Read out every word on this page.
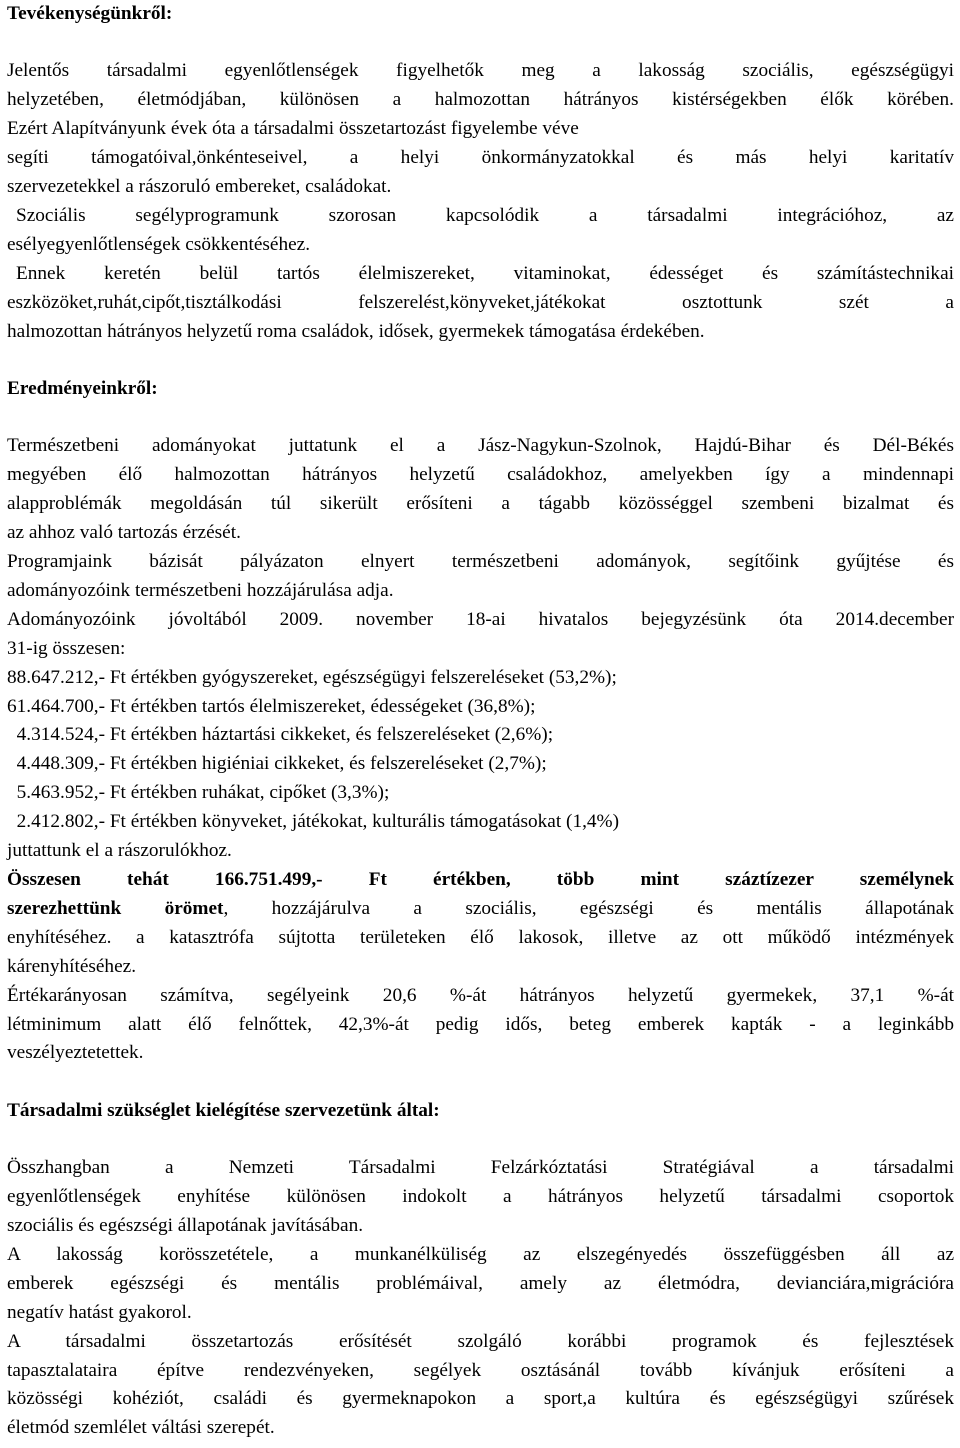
Tevékenységünkről:

Jelentős társadalmi egyenlőtlenségek figyelhetők meg a lakosság szociális, egészségügyi
helyzetében, életmódjában, különösen a halmozottan hátrányos kistérségekben élők körében.
Ezért Alapítványunk évek óta a társadalmi összetartozást figyelembe véve
segíti támogatóival,önkénteseivel, a helyi önkormányzatokkal és más helyi karitatív
szervezetekkel a rászoruló embereket, családokat.
Szociális segélyprogramunk szorosan kapcsolódik a társadalmi integrációhoz, az
esélyegyenlőtlenségek csökkentéséhez.
Ennek keretén belül tartós élelmiszereket, vitaminokat, édességet és számítástechnikai
eszközöket,ruhát,cipőt,tisztálkodási felszerelést,könyveket,játékokat osztottunk szét a
halmozottan hátrányos helyzetű roma családok, idősek, gyermekek támogatása érdekében.

Eredményeinkről:

Természetbeni adományokat juttatunk el a Jász-Nagykun-Szolnok, Hajdú-Bihar és Dél-Békés
megyében élő halmozottan hátrányos helyzetű családokhoz, amelyekben így a mindennapi
alapproblémák megoldásán túl sikerült erősíteni a tágabb közösséggel szembeni bizalmat és
az ahhoz való tartozás érzését.
Programjaink bázisát pályázaton elnyert természetbeni adományok, segítőink gyűjtése és
adományozóink természetbeni hozzájárulása adja.
Adományozóink jóvoltából 2009. november 18-ai hivatalos bejegyzésünk óta 2014.december
31-ig összesen:
88.647.212,- Ft értékben gyógyszereket, egészségügyi felszereléseket (53,2%);
61.464.700,- Ft értékben tartós élelmiszereket, édességeket (36,8%);
4.314.524,- Ft értékben háztartási cikkeket, és felszereléseket (2,6%);
4.448.309,- Ft értékben higiéniai cikkeket, és felszereléseket (2,7%);
5.463.952,- Ft értékben ruhákat, cipőket (3,3%);
2.412.802,- Ft értékben könyveket, játékokat, kulturális támogatásokat (1,4%)
juttattunk el a rászorulókhoz.
Összesen tehát 166.751.499,- Ft értékben, több mint száztízezer személynek
szerezhettünk örömet, hozzájárulva a szociális, egészségi és mentális állapotának
enyhítéséhez. a katasztrófa sújtotta területeken élő lakosok, illetve az ott működő intézmények
kárenyhítéséhez.
Értékarányosan számítva, segélyeink 20,6 %-át hátrányos helyzetű gyermekek, 37,1 %-át
létminimum alatt élő felnőttek, 42,3%-át pedig idős, beteg emberek kapták - a leginkább
veszélyeztetettek.

Társadalmi szükséglet kielégítése szervezetünk által:

Összhangban a Nemzeti Társadalmi Felzárkóztatási Stratégiával a társadalmi
egyenlőtlenségek enyhítése különösen indokolt a hátrányos helyzetű társadalmi csoportok
szociális és egészségi állapotának javításában.
A lakosság korösszetétele, a munkanélküliség az elszegényedés összefüggésben áll az
emberek egészségi és mentális problémáival, amely az életmódra, devianciára,migrációra
negatív hatást gyakorol.
A társadalmi összetartozás erősítését szolgáló korábbi programok és fejlesztések
tapasztalataira építve rendezvényeken, segélyek osztásánál tovább kívánjuk erősíteni a
közösségi kohéziót, családi és gyermeknapokon a sport,a kultúra és egészségügyi szűrések
életmód szemlélet váltási szerepét.
